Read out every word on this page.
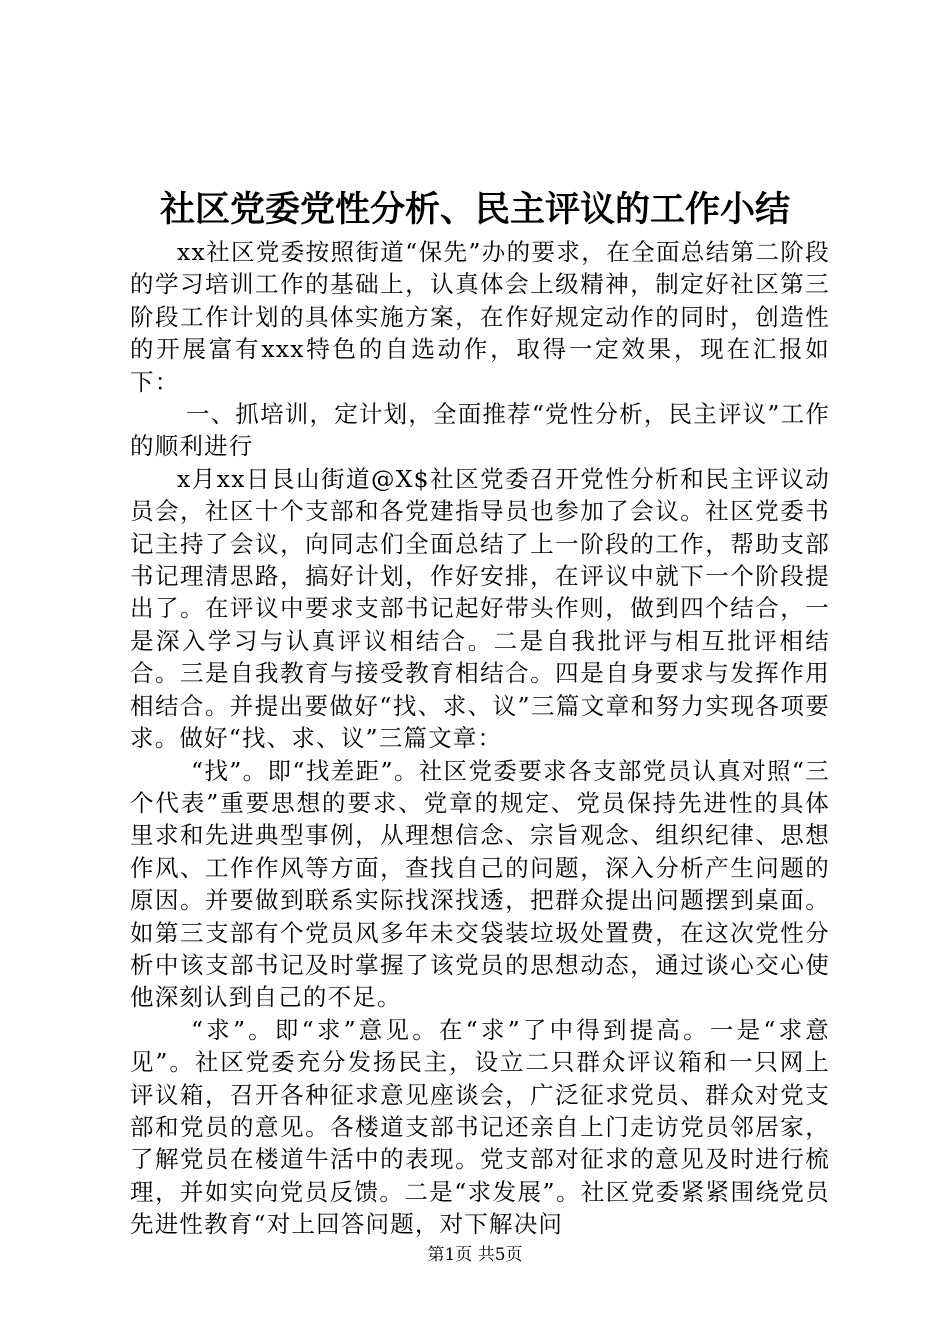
社区党委党性分析、民主评议的工作小结

xx社区党委按照街道“保先”办的要求，在全面总结第二阶段的学习培训工作的基础上，认真体会上级精神，制定好社区第三阶段工作计划的具体实施方案，在作好规定动作的同时，创造性的开展富有xxx特色的自选动作，取得一定效果，现在汇报如下：

一、抓培训，定计划，全面推荐“党性分析，民主评议”工作的顺利进行

x月xx日艮山街道@X$社区党委召开党性分析和民主评议动员会，社区十个支部和各党建指导员也参加了会议。社区党委书记主持了会议，向同志们全面总结了上一阶段的工作，帮助支部书记理清思路，搞好计划，作好安排，在评议中就下一个阶段提出了。在评议中要求支部书记起好带头作则，做到四个结合，一是深入学习与认真评议相结合。二是自我批评与相互批评相结合。三是自我教育与接受教育相结合。四是自身要求与发挥作用相结合。并提出要做好“找、求、议”三篇文章和努力实现各项要求。做好“找、求、议”三篇文章：

“找”。即“找差距”。社区党委要求各支部党员认真对照“三个代表”重要思想的要求、党章的规定、党员保持先进性的具体里求和先进典型事例，从理想信念、宗旨观念、组织纪律、思想作风、工作作风等方面，查找自己的问题，深入分析产生问题的原因。并要做到联系实际找深找透，把群众提出问题摆到桌面。如第三支部有个党员风多年未交袋装垃圾处置费，在这次党性分析中该支部书记及时掌握了该党员的思想动态，通过谈心交心使他深刻认到自己的不足。

“求”。即“求”意见。在“求”了中得到提高。一是“求意见”。社区党委充分发扬民主，设立二只群众评议箱和一只网上评议箱，召开各种征求意见座谈会，广泛征求党员、群众对党支部和党员的意见。各楼道支部书记还亲自上门走访党员邻居家，了解党员在楼道牛活中的表现。党支部对征求的意见及时进行梳理，并如实向党员反馈。二是“求发展”。社区党委紧紧围绕党员先进性教育“对上回答问题，对下解决问

第1页 共5页
